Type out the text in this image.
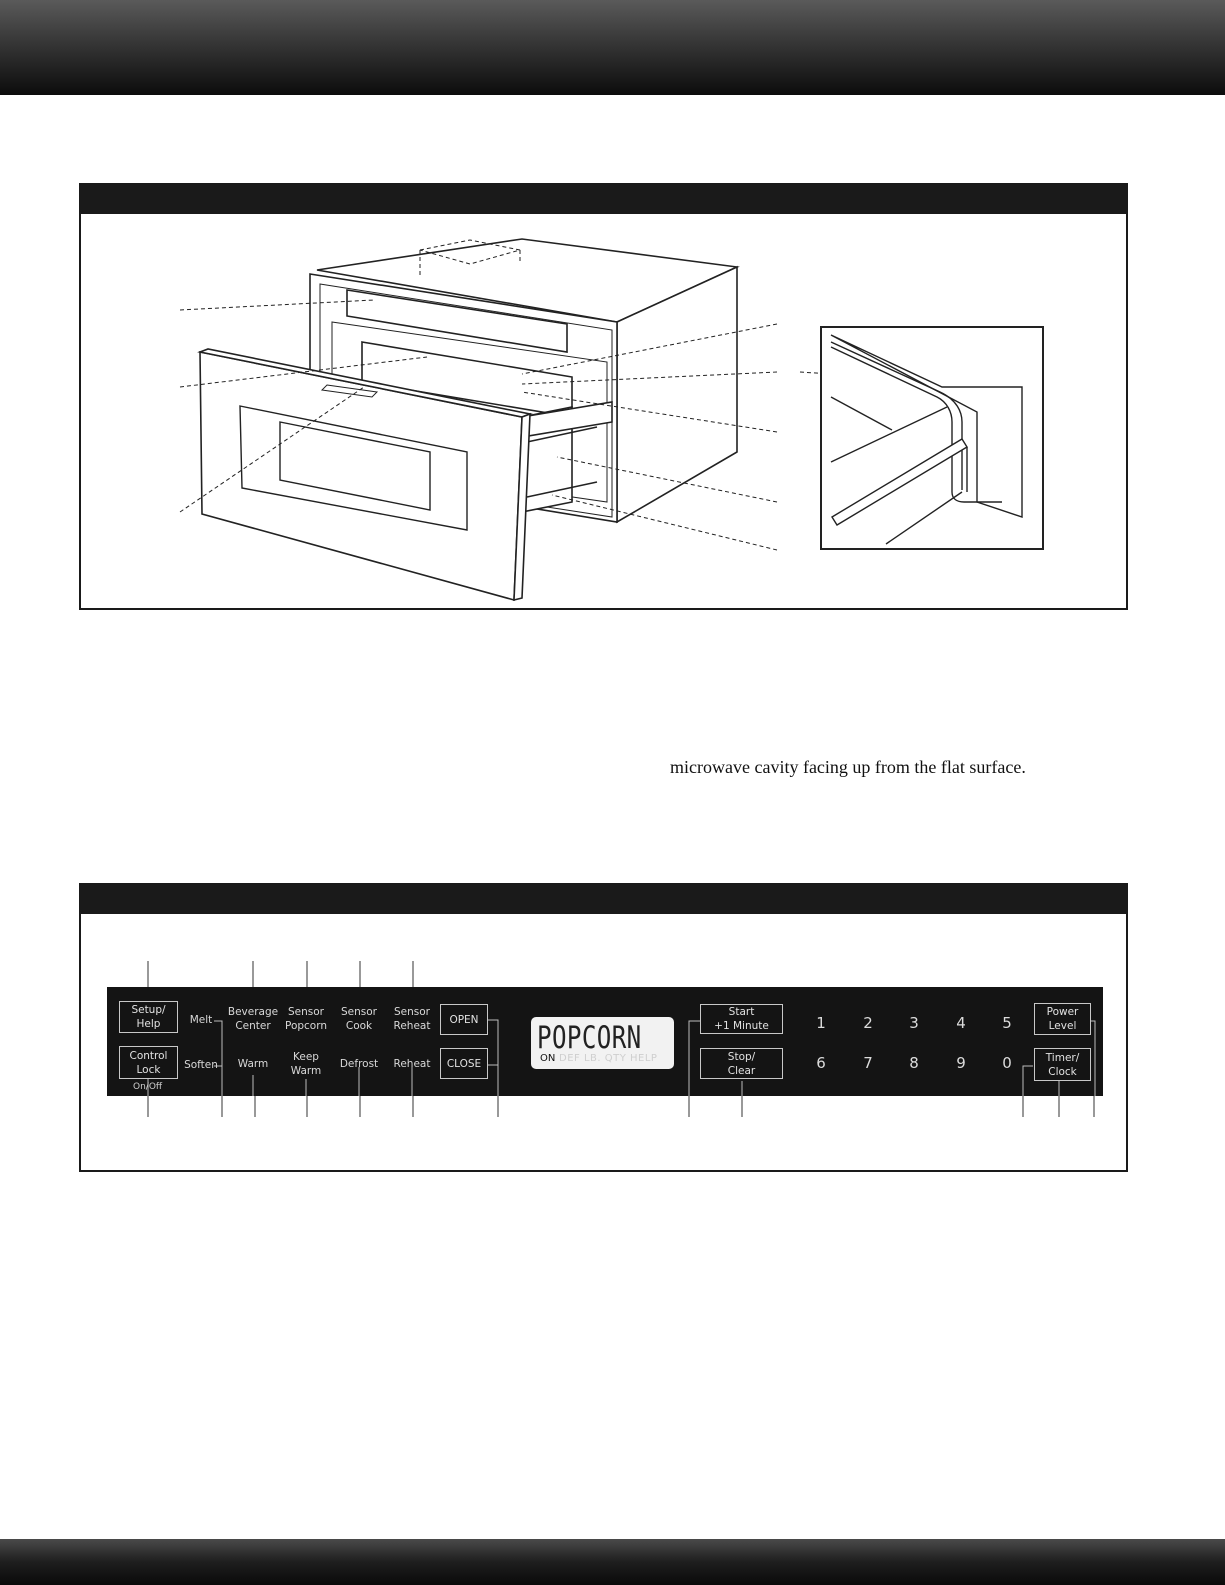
microwave cavity facing up from the flat surface.
Setup/
Help
Control
Lock
On/Off
Melt
Soften
Beverage
Center
Sensor
Popcorn
Sensor
Cook
Sensor
Reheat
Warm
Keep
Warm
Defrost	Reheat
OPEN
CLOSE
POPCORN
ON DEF LB. QTY HELP
Start
+1 Minute
Stop/
Clear
1	2	3	4	5
6	7	8	9	0
Power
Level
Timer/
Clock
